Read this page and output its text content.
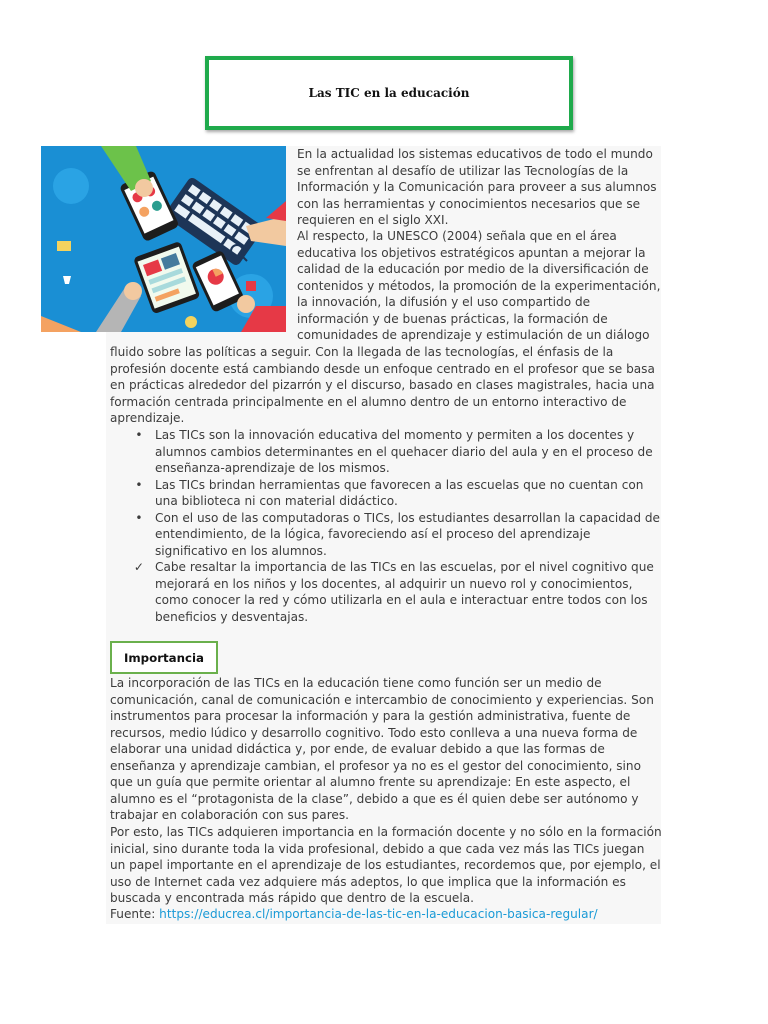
Las TIC en la educación
En la actualidad los sistemas educativos de todo el mundo se enfrentan al desafío de utilizar las Tecnologías de la Información y la Comunicación para proveer a sus alumnos con las herramientas y conocimientos necesarios que se requieren en el siglo XXI.
Al respecto, la UNESCO (2004) señala que en el área educativa los objetivos estratégicos apuntan a mejorar la calidad de la educación por medio de la diversificación de contenidos y métodos, la promoción de la experimentación, la innovación, la difusión y el uso compartido de información y de buenas prácticas, la formación de comunidades de aprendizaje y estimulación de un diálogo
fluido sobre las políticas a seguir. Con la llegada de las tecnologías, el énfasis de la profesión docente está cambiando desde un enfoque centrado en el profesor que se basa en prácticas alrededor del pizarrón y el discurso, basado en clases magistrales, hacia una formación centrada principalmente en el alumno dentro de un entorno interactivo de aprendizaje.
• Las TICs son la innovación educativa del momento y permiten a los docentes y alumnos cambios determinantes en el quehacer diario del aula y en el proceso de enseñanza-aprendizaje de los mismos.
• Las TICs brindan herramientas que favorecen a las escuelas que no cuentan con una biblioteca ni con material didáctico.
• Con el uso de las computadoras o TICs, los estudiantes desarrollan la capacidad de entendimiento, de la lógica, favoreciendo así el proceso del aprendizaje significativo en los alumnos.
✓ Cabe resaltar la importancia de las TICs en las escuelas, por el nivel cognitivo que mejorará en los niños y los docentes, al adquirir un nuevo rol y conocimientos, como conocer la red y cómo utilizarla en el aula e interactuar entre todos con los beneficios y desventajas.
Importancia
La incorporación de las TICs en la educación tiene como función ser un medio de comunicación, canal de comunicación e intercambio de conocimiento y experiencias. Son instrumentos para procesar la información y para la gestión administrativa, fuente de recursos, medio lúdico y desarrollo cognitivo. Todo esto conlleva a una nueva forma de elaborar una unidad didáctica y, por ende, de evaluar debido a que las formas de enseñanza y aprendizaje cambian, el profesor ya no es el gestor del conocimiento, sino que un guía que permite orientar al alumno frente su aprendizaje: En este aspecto, el alumno es el “protagonista de la clase”, debido a que es él quien debe ser autónomo y trabajar en colaboración con sus pares.
Por esto, las TICs adquieren importancia en la formación docente y no sólo en la formación inicial, sino durante toda la vida profesional, debido a que cada vez más las TICs juegan un papel importante en el aprendizaje de los estudiantes, recordemos que, por ejemplo, el uso de Internet cada vez adquiere más adeptos, lo que implica que la información es buscada y encontrada más rápido que dentro de la escuela.
Fuente: https://educrea.cl/importancia-de-las-tic-en-la-educacion-basica-regular/
